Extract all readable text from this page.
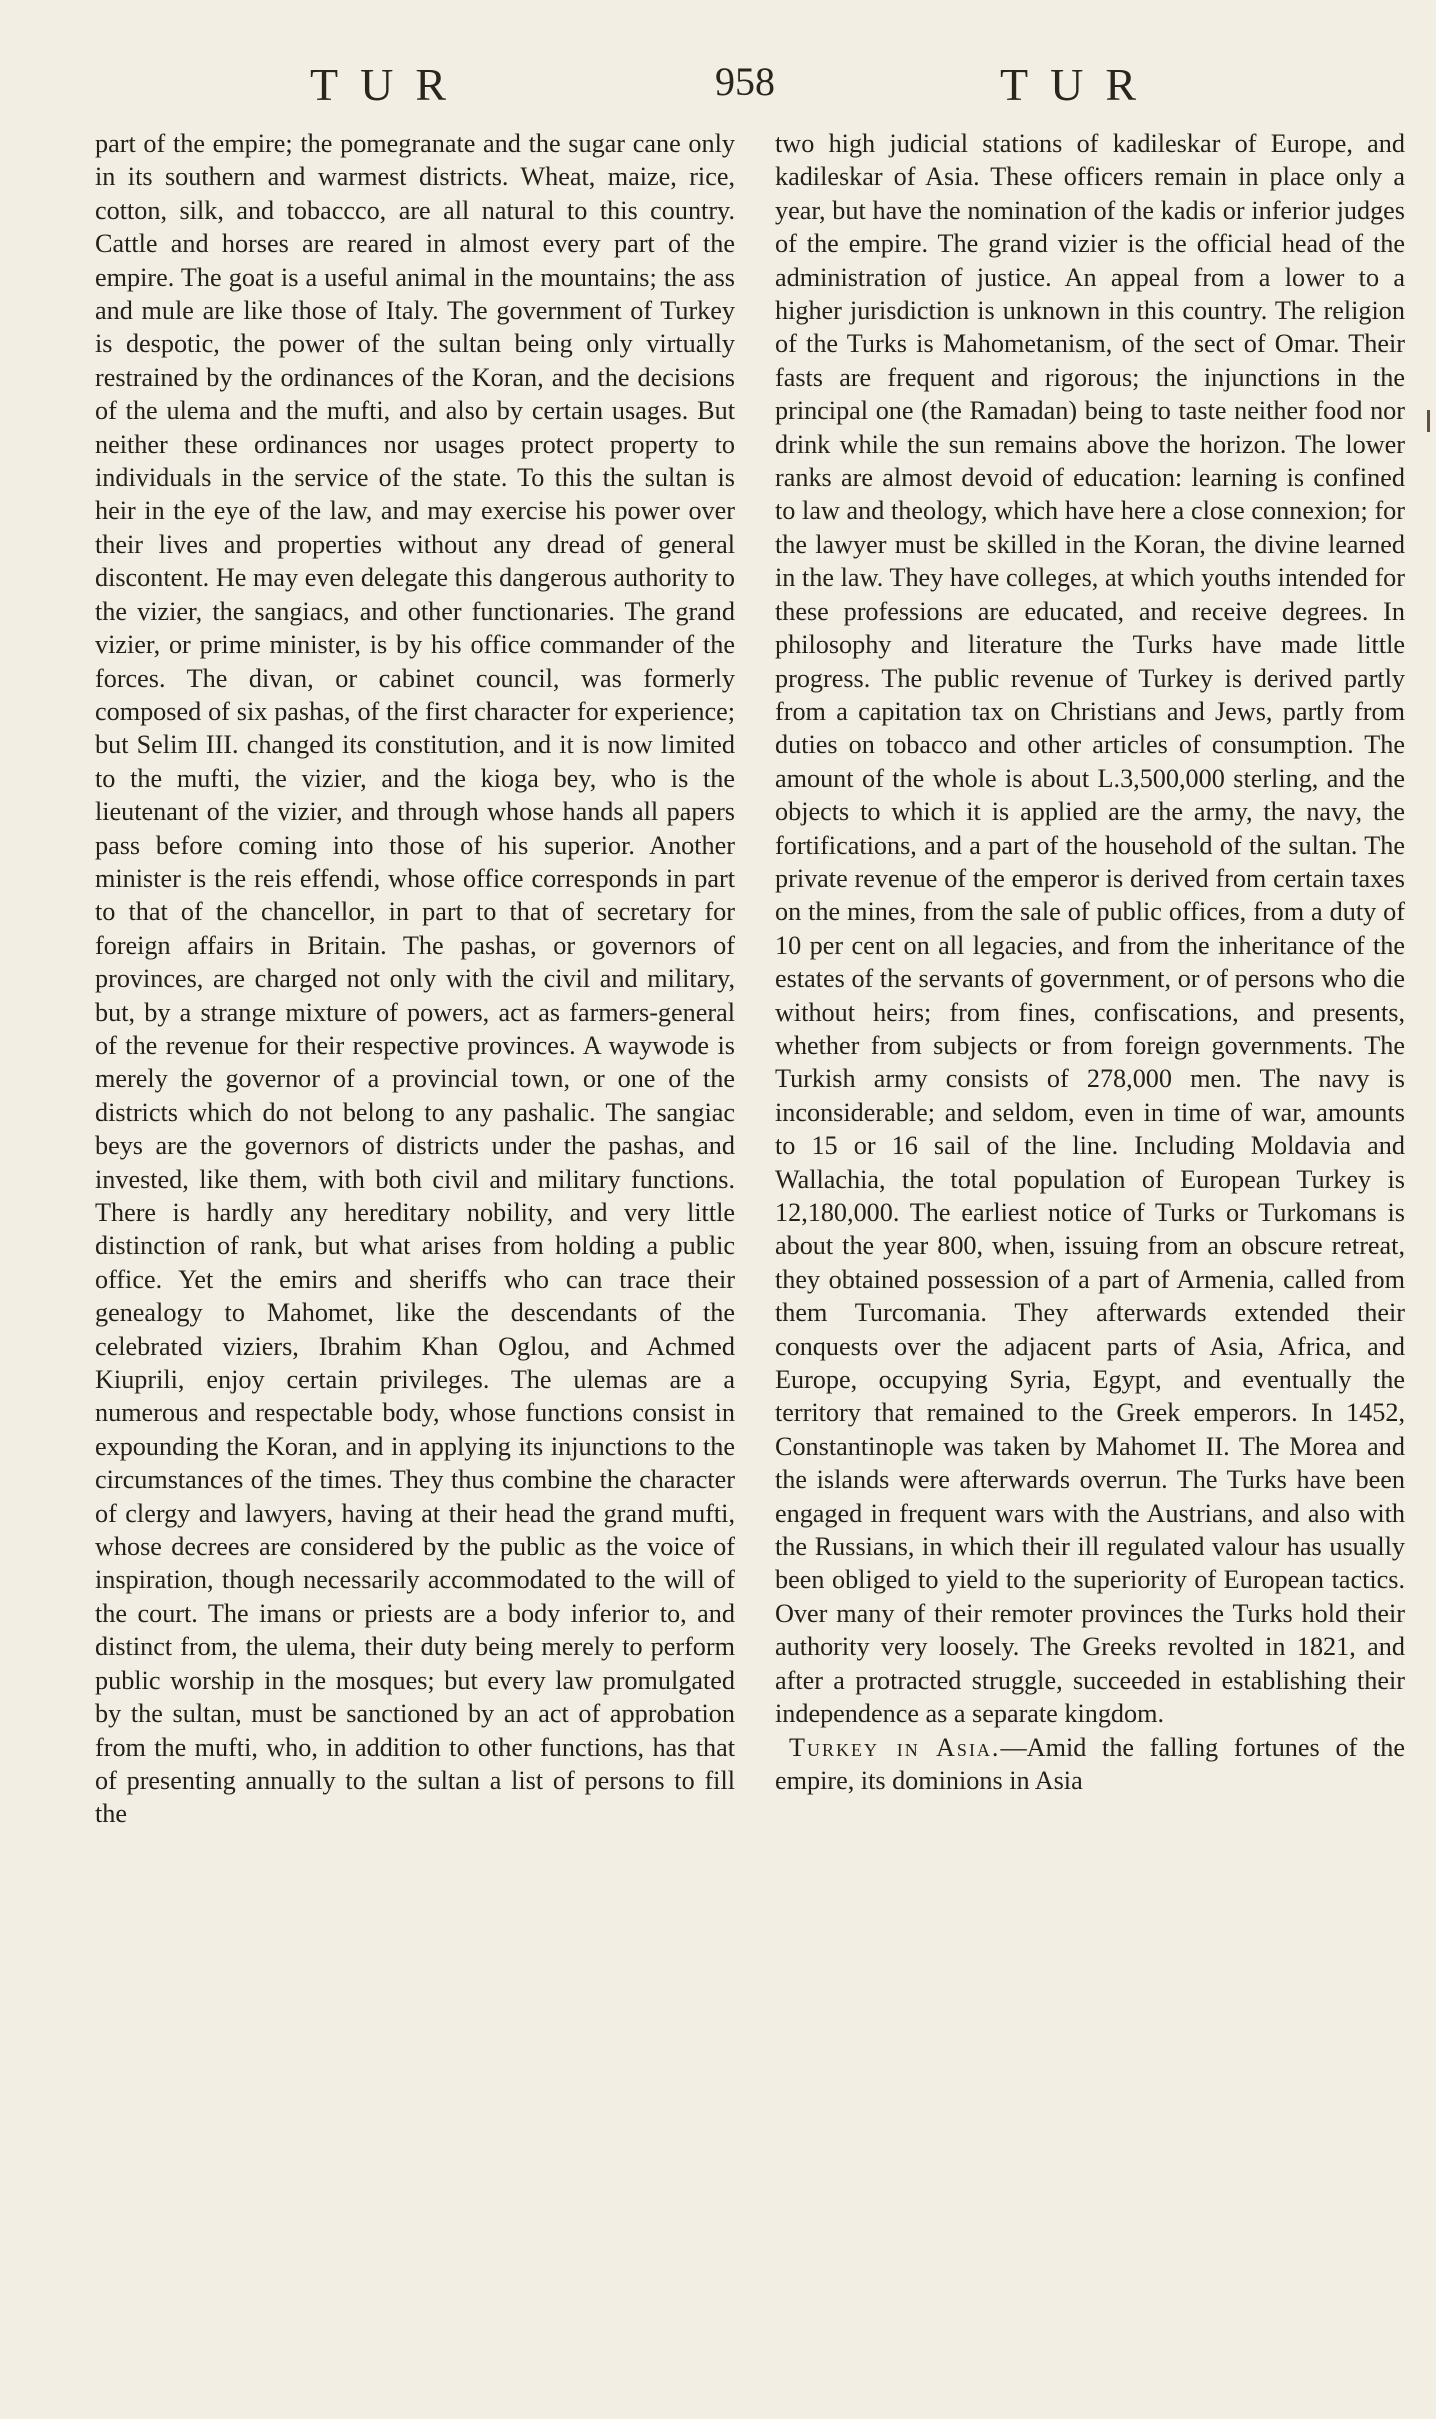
TUR	958	TUR

part of the empire; the pomegranate and the sugar cane only in its southern and warmest districts. Wheat, maize, rice, cotton, silk, and tobaccco, are all natural to this country. Cattle and horses are reared in almost every part of the empire. The goat is a useful animal in the mountains; the ass and mule are like those of Italy. The government of Turkey is despotic, the power of the sultan being only virtually restrained by the ordinances of the Koran, and the decisions of the ulema and the mufti, and also by certain usages. But neither these ordinances nor usages protect property to individuals in the service of the state. To this the sultan is heir in the eye of the law, and may exercise his power over their lives and properties without any dread of general discontent. He may even delegate this dangerous authority to the vizier, the sangiacs, and other functionaries. The grand vizier, or prime minister, is by his office commander of the forces. The divan, or cabinet council, was formerly composed of six pashas, of the first character for experience; but Selim III. changed its constitution, and it is now limited to the mufti, the vizier, and the kioga bey, who is the lieutenant of the vizier, and through whose hands all papers pass before coming into those of his superior. Another minister is the reis effendi, whose office corresponds in part to that of the chancellor, in part to that of secretary for foreign affairs in Britain. The pashas, or governors of provinces, are charged not only with the civil and military, but, by a strange mixture of powers, act as farmers-general of the revenue for their respective provinces. A waywode is merely the governor of a provincial town, or one of the districts which do not belong to any pashalic. The sangiac beys are the governors of districts under the pashas, and invested, like them, with both civil and military functions. There is hardly any hereditary nobility, and very little distinction of rank, but what arises from holding a public office. Yet the emirs and sheriffs who can trace their genealogy to Mahomet, like the descendants of the celebrated viziers, Ibrahim Khan Oglou, and Achmed Kiuprili, enjoy certain privileges. The ulemas are a numerous and respectable body, whose functions consist in expounding the Koran, and in applying its injunctions to the circumstances of the times. They thus combine the character of clergy and lawyers, having at their head the grand mufti, whose decrees are considered by the public as the voice of inspiration, though necessarily accommodated to the will of the court. The imans or priests are a body inferior to, and distinct from, the ulema, their duty being merely to perform public worship in the mosques; but every law promulgated by the sultan, must be sanctioned by an act of approbation from the mufti, who, in addition to other functions, has that of presenting annually to the sultan a list of persons to fill the

two high judicial stations of kadileskar of Europe, and kadileskar of Asia. These officers remain in place only a year, but have the nomination of the kadis or inferior judges of the empire. The grand vizier is the official head of the administration of justice. An appeal from a lower to a higher jurisdiction is unknown in this country. The religion of the Turks is Mahometanism, of the sect of Omar. Their fasts are frequent and rigorous; the injunctions in the principal one (the Ramadan) being to taste neither food nor drink while the sun remains above the horizon. The lower ranks are almost devoid of education: learning is confined to law and theology, which have here a close connexion; for the lawyer must be skilled in the Koran, the divine learned in the law. They have colleges, at which youths intended for these professions are educated, and receive degrees. In philosophy and literature the Turks have made little progress. The public revenue of Turkey is derived partly from a capitation tax on Christians and Jews, partly from duties on tobacco and other articles of consumption. The amount of the whole is about L.3,500,000 sterling, and the objects to which it is applied are the army, the navy, the fortifications, and a part of the household of the sultan. The private revenue of the emperor is derived from certain taxes on the mines, from the sale of public offices, from a duty of 10 per cent on all legacies, and from the inheritance of the estates of the servants of government, or of persons who die without heirs; from fines, confiscations, and presents, whether from subjects or from foreign governments. The Turkish army consists of 278,000 men. The navy is inconsiderable; and seldom, even in time of war, amounts to 15 or 16 sail of the line. Including Moldavia and Wallachia, the total population of European Turkey is 12,180,000. The earliest notice of Turks or Turkomans is about the year 800, when, issuing from an obscure retreat, they obtained possession of a part of Armenia, called from them Turcomania. They afterwards extended their conquests over the adjacent parts of Asia, Africa, and Europe, occupying Syria, Egypt, and eventually the territory that remained to the Greek emperors. In 1452, Constantinople was taken by Mahomet II. The Morea and the islands were afterwards overrun. The Turks have been engaged in frequent wars with the Austrians, and also with the Russians, in which their ill regulated valour has usually been obliged to yield to the superiority of European tactics. Over many of their remoter provinces the Turks hold their authority very loosely. The Greeks revolted in 1821, and after a protracted struggle, succeeded in establishing their independence as a separate kingdom.

Turkey in Asia.—Amid the falling fortunes of the empire, its dominions in Asia
